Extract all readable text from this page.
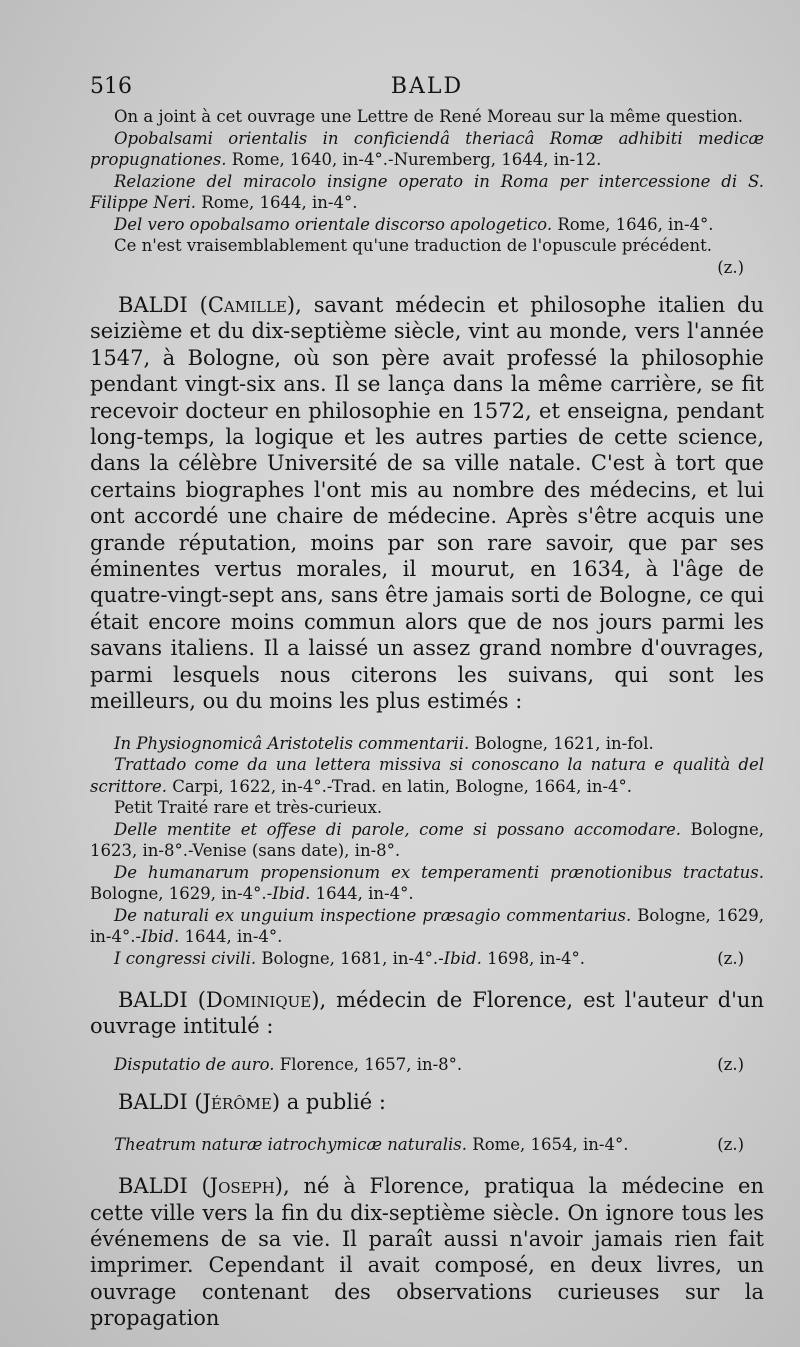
516	BALD

On a joint à cet ouvrage une Lettre de René Moreau sur la même question.

Opobalsami orientalis in conficiendâ theriacâ Romæ adhibiti medicæ propugnationes. Rome, 1640, in-4°.-Nuremberg, 1644, in-12.

Relazione del miracolo insigne operato in Roma per intercessione di S. Filippe Neri. Rome, 1644, in-4°.

Del vero opobalsamo orientale discorso apologetico. Rome, 1646, in-4°.

Ce n'est vraisemblablement qu'une traduction de l'opuscule précédent.

(z.)

BALDI (Camille), savant médecin et philosophe italien du seizième et du dix-septième siècle, vint au monde, vers l'année 1547, à Bologne, où son père avait professé la philosophie pendant vingt-six ans. Il se lança dans la même carrière, se fit recevoir docteur en philosophie en 1572, et enseigna, pendant long-temps, la logique et les autres parties de cette science, dans la célèbre Université de sa ville natale. C'est à tort que certains biographes l'ont mis au nombre des médecins, et lui ont accordé une chaire de médecine. Après s'être acquis une grande réputation, moins par son rare savoir, que par ses éminentes vertus morales, il mourut, en 1634, à l'âge de quatre-vingt-sept ans, sans être jamais sorti de Bologne, ce qui était encore moins commun alors que de nos jours parmi les savans italiens. Il a laissé un assez grand nombre d'ouvrages, parmi lesquels nous citerons les suivans, qui sont les meilleurs, ou du moins les plus estimés :

In Physiognomicâ Aristotelis commentarii. Bologne, 1621, in-fol.

Trattado come da una lettera missiva si conoscano la natura e qualità del scrittore. Carpi, 1622, in-4°.-Trad. en latin, Bologne, 1664, in-4°.

Petit Traité rare et très-curieux.

Delle mentite et offese di parole, come si possano accomodare. Bologne, 1623, in-8°.-Venise (sans date), in-8°.

De humanarum propensionum ex temperamenti prænotionibus tractatus. Bologne, 1629, in-4°.-Ibid. 1644, in-4°.

De naturali ex unguium inspectione præsagio commentarius. Bologne, 1629, in-4°.-Ibid. 1644, in-4°.

I congressi civili. Bologne, 1681, in-4°.-Ibid. 1698, in-4°.	(z.)

BALDI (Dominique), médecin de Florence, est l'auteur d'un ouvrage intitulé :

Disputatio de auro. Florence, 1657, in-8°.	(z.)

BALDI (Jérôme) a publié :

Theatrum naturæ iatrochymicæ naturalis. Rome, 1654, in-4°.	(z.)

BALDI (Joseph), né à Florence, pratiqua la médecine en cette ville vers la fin du dix-septième siècle. On ignore tous les événemens de sa vie. Il paraît aussi n'avoir jamais rien fait imprimer. Cependant il avait composé, en deux livres, un ouvrage contenant des observations curieuses sur la propagation
